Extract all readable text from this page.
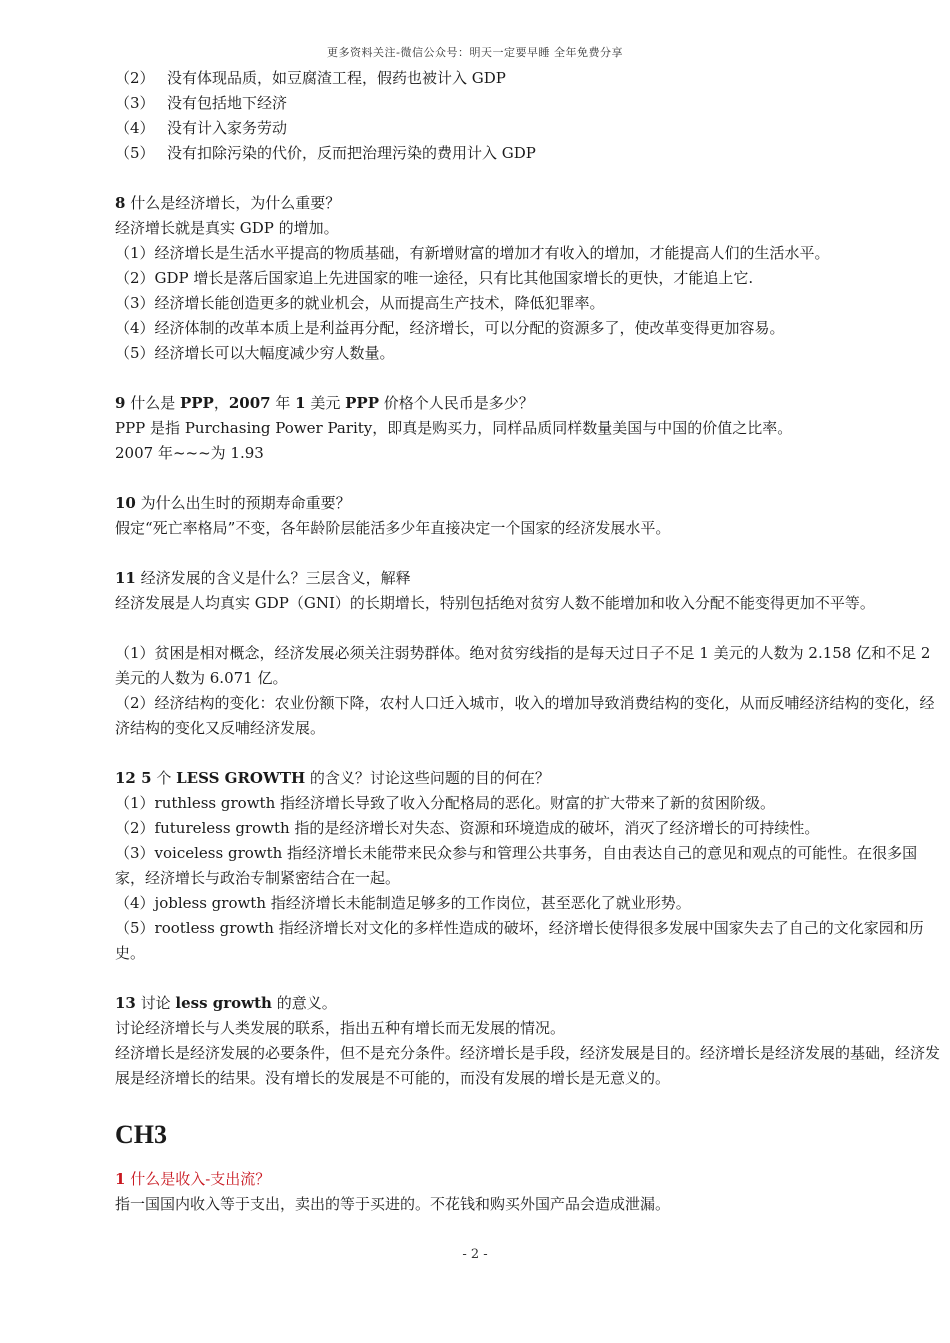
更多资料关注-微信公众号：明天一定要早睡 全年免费分享

（2） 没有体现品质，如豆腐渣工程，假药也被计入 GDP

（3） 没有包括地下经济

（4） 没有计入家务劳动

（5） 没有扣除污染的代价，反而把治理污染的费用计入 GDP

8 什么是经济增长，为什么重要？

经济增长就是真实 GDP 的增加。

（1）经济增长是生活水平提高的物质基础，有新增财富的增加才有收入的增加，才能提高人们的生活水平。

（2）GDP 增长是落后国家追上先进国家的唯一途径，只有比其他国家增长的更快，才能追上它.

（3）经济增长能创造更多的就业机会，从而提高生产技术，降低犯罪率。

（4）经济体制的改革本质上是利益再分配，经济增长，可以分配的资源多了，使改革变得更加容易。

（5）经济增长可以大幅度减少穷人数量。

9 什么是 PPP，2007 年 1 美元 PPP 价格个人民币是多少？

PPP 是指 Purchasing Power Parity，即真是购买力，同样品质同样数量美国与中国的价值之比率。

2007 年~~~为 1.93

10 为什么出生时的预期寿命重要？

假定“死亡率格局”不变，各年龄阶层能活多少年直接决定一个国家的经济发展水平。

11 经济发展的含义是什么？三层含义，解释

经济发展是人均真实 GDP（GNI）的长期增长，特别包括绝对贫穷人数不能增加和收入分配不能变得更加不平等。

（1）贫困是相对概念，经济发展必须关注弱势群体。绝对贫穷线指的是每天过日子不足 1 美元的人数为 2.158 亿和不足 2 美元的人数为 6.071 亿。

（2）经济结构的变化：农业份额下降，农村人口迁入城市，收入的增加导致消费结构的变化，从而反哺经济结构的变化，经济结构的变化又反哺经济发展。

12 5 个 LESS GROWTH 的含义？讨论这些问题的目的何在？

（1）ruthless growth 指经济增长导致了收入分配格局的恶化。财富的扩大带来了新的贫困阶级。

（2）futureless growth 指的是经济增长对失态、资源和环境造成的破坏，消灭了经济增长的可持续性。

（3）voiceless growth 指经济增长未能带来民众参与和管理公共事务，自由表达自己的意见和观点的可能性。在很多国家，经济增长与政治专制紧密结合在一起。

（4）jobless growth 指经济增长未能制造足够多的工作岗位，甚至恶化了就业形势。

（5）rootless growth 指经济增长对文化的多样性造成的破坏，经济增长使得很多发展中国家失去了自己的文化家园和历史。

13 讨论 less growth 的意义。

讨论经济增长与人类发展的联系，指出五种有增长而无发展的情况。

经济增长是经济发展的必要条件，但不是充分条件。经济增长是手段，经济发展是目的。经济增长是经济发展的基础，经济发展是经济增长的结果。没有增长的发展是不可能的，而没有发展的增长是无意义的。

CH3

1 什么是收入-支出流？

指一国国内收入等于支出，卖出的等于买进的。不花钱和购买外国产品会造成泄漏。

- 2 -
